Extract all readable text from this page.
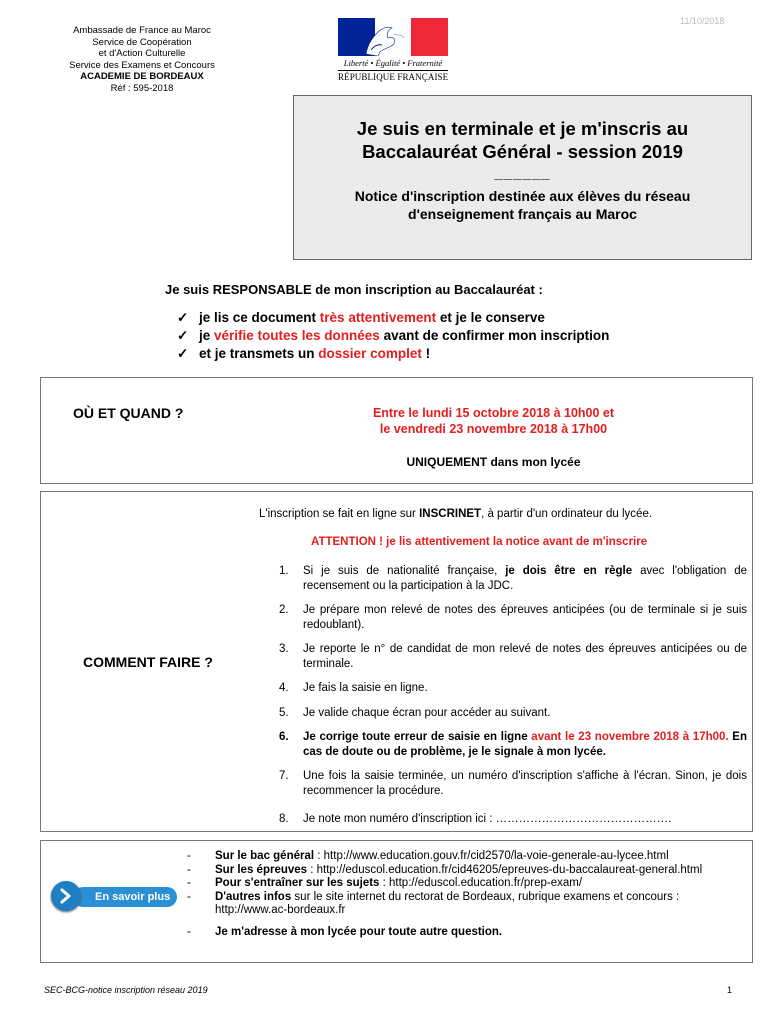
11/10/2018
Ambassade de France au Maroc
Service de Coopération
et d'Action Culturelle
Service des Examens et Concours
ACADEMIE DE BORDEAUX
Réf : 595-2018
Liberté • Égalité • Fraternité
RÉPUBLIQUE FRANÇAISE
Je suis en terminale et je m'inscris au
Baccalauréat Général - session 2019
______
Notice d'inscription destinée aux élèves du réseau
d'enseignement français au Maroc
Je suis RESPONSABLE de mon inscription au Baccalauréat :
✓ je lis ce document très attentivement et je le conserve
✓ je vérifie toutes les données avant de confirmer mon inscription
✓ et je transmets un dossier complet !
OÙ ET QUAND ?	Entre le lundi 15 octobre 2018 à 10h00 et
le vendredi 23 novembre 2018 à 17h00
UNIQUEMENT dans mon lycée
COMMENT FAIRE ?
L'inscription se fait en ligne sur INSCRINET, à partir d'un ordinateur du lycée.
ATTENTION ! je lis attentivement la notice avant de m'inscrire
1. Si je suis de nationalité française, je dois être en règle avec l'obligation de recensement ou la participation à la JDC.
2. Je prépare mon relevé de notes des épreuves anticipées (ou de terminale si je suis redoublant).
3. Je reporte le n° de candidat de mon relevé de notes des épreuves anticipées ou de terminale.
4. Je fais la saisie en ligne.
5. Je valide chaque écran pour accéder au suivant.
6. Je corrige toute erreur de saisie en ligne avant le 23 novembre 2018 à 17h00. En cas de doute ou de problème, je le signale à mon lycée.
7. Une fois la saisie terminée, un numéro d'inscription s'affiche à l'écran. Sinon, je dois recommencer la procédure.
8. Je note mon numéro d'inscription ici : ……………………………………….
En savoir plus
- Sur le bac général : http://www.education.gouv.fr/cid2570/la-voie-generale-au-lycee.html
- Sur les épreuves : http://eduscol.education.fr/cid46205/epreuves-du-baccalaureat-general.html
- Pour s'entraîner sur les sujets : http://eduscol.education.fr/prep-exam/
- D'autres infos sur le site internet du rectorat de Bordeaux, rubrique examens et concours : http://www.ac-bordeaux.fr
- Je m'adresse à mon lycée pour toute autre question.
SEC-BCG-notice inscription réseau 2019	1
